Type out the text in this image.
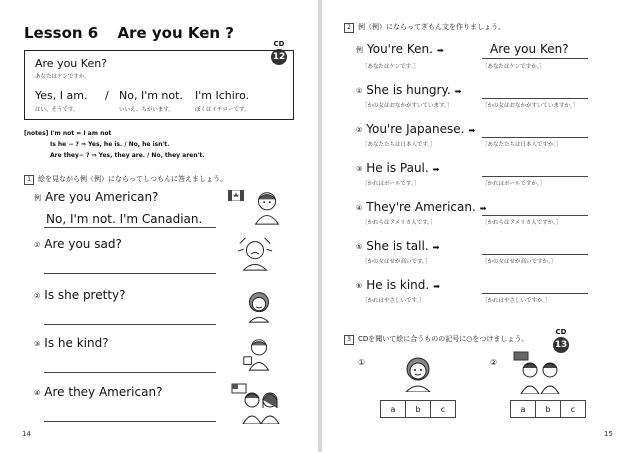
Lesson 6 Are you Ken ?
CD
12
Are you Ken?
あなたはケンですか。
Yes, I am. / No, I'm not. I'm Ichiro.
はい、そうです。	いいえ、ちがいます。	ぼくはイチローです。
[notes] I'm not = I am not
Is he − ? ⇒ Yes, he is. / No, he isn't.
Are they− ? ⇒ Yes, they are. / No, they aren't.
1 絵を見ながら例（例）にならってしつもんに答えましょう。
例 Are you American?
No, I'm not. I'm Canadian.
① Are you sad?
② Is she pretty?
③ Is he kind?
④ Are they American?
14
2 例（例）にならってぎもん文を作りましょう。
例 You're Ken. ➡
［あなたはケンです。］
Are you Ken?
［あなたはケンですか。］
① She is hungry. ➡
［かの女はおなかがすいています。］	［かの女はおなかがすいていますか。］
② You're Japanese. ➡
［あなたたちは日本人です。］	［あなたたちは日本人ですか。］
③ He is Paul. ➡
［かれはポールです。］	［かれはポールですか。］
④ They're American. ➡
［かれらはアメリカ人です。］	［かれらはアメリカ人ですか。］
⑤ She is tall. ➡
［かの女はせが高いです。］	［かの女はせが高いですか。］
⑥ He is kind. ➡
［かれはやさしいです。］	［かれはやさしいですか。］
3 CDを聞いて絵に合うものの記号に○をつけましょう。
CD
13
①
a	b	c
②
a	b	c
15
